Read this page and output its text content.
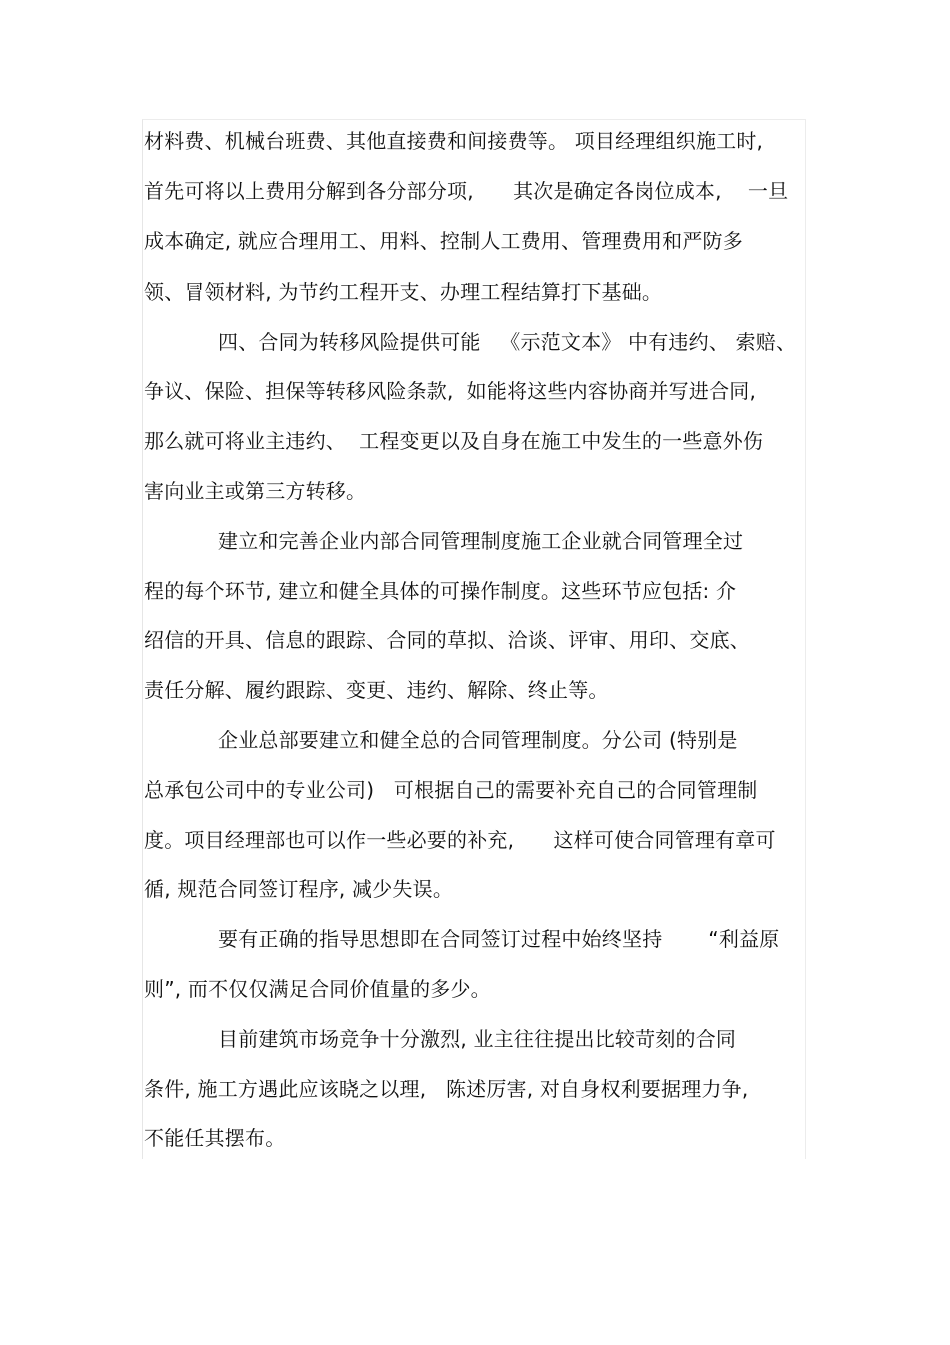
材料费、机械台班费、其他直接费和间接费等。 项目经理组织施工时,
首先可将以上费用分解到各分部分项,      其次是确定各岗位成本,    一旦
成本确定, 就应合理用工、用料、控制人工费用、管理费用和严防多
领、冒领材料, 为节约工程开支、办理工程结算打下基础。
四、合同为转移风险提供可能   《示范文本》 中有违约、 索赔、
争议、保险、担保等转移风险条款,  如能将这些内容协商并写进合同,
那么就可将业主违约、  工程变更以及自身在施工中发生的一些意外伤
害向业主或第三方转移。
建立和完善企业内部合同管理制度施工企业就合同管理全过
程的每个环节, 建立和健全具体的可操作制度。这些环节应包括: 介
绍信的开具、信息的跟踪、合同的草拟、洽谈、评审、用印、交底、
责任分解、履约跟踪、变更、违约、解除、终止等。
企业总部要建立和健全总的合同管理制度。分公司 (特别是
总承包公司中的专业公司)   可根据自己的需要补充自己的合同管理制
度。项目经理部也可以作一些必要的补充,      这样可使合同管理有章可
循, 规范合同签订程序, 减少失误。
要有正确的指导思想即在合同签订过程中始终坚持       “利益原
则”, 而不仅仅满足合同价值量的多少。
目前建筑市场竞争十分激烈, 业主往往提出比较苛刻的合同
条件, 施工方遇此应该晓之以理,   陈述厉害, 对自身权利要据理力争,
不能任其摆布。
